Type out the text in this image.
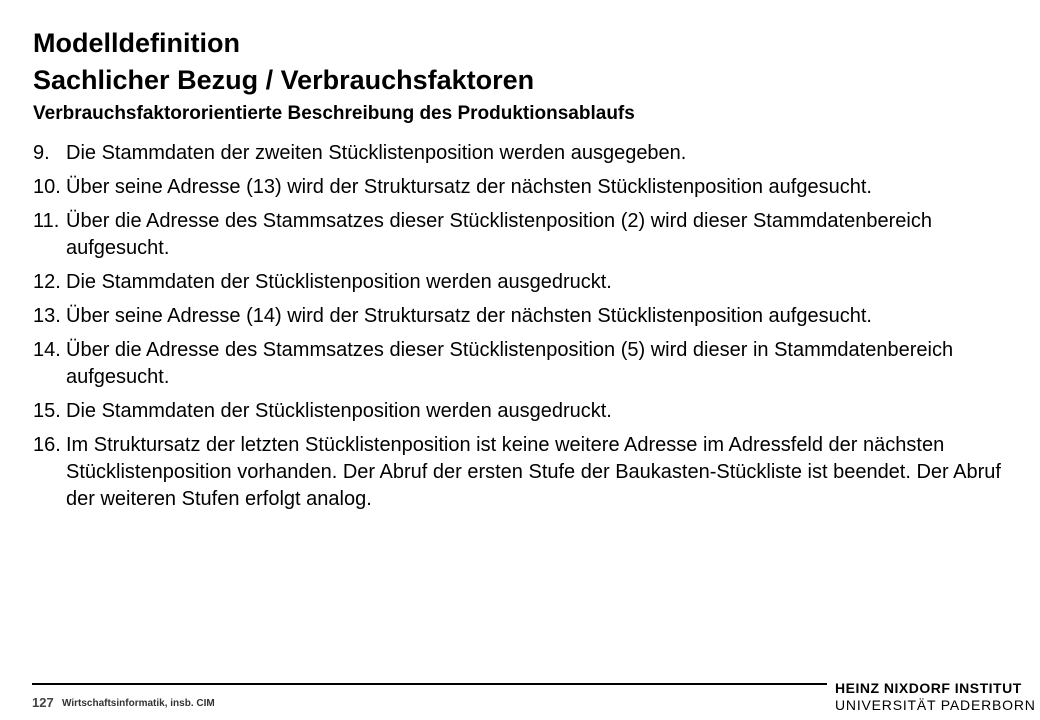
Modelldefinition
Sachlicher Bezug / Verbrauchsfaktoren
Verbrauchsfaktororientierte Beschreibung des Produktionsablaufs
9. Die Stammdaten der zweiten Stücklistenposition werden ausgegeben.
10. Über seine Adresse (13) wird der Struktursatz der nächsten Stücklistenposition aufgesucht.
11. Über die Adresse des Stammsatzes dieser Stücklistenposition (2) wird dieser Stammdatenbereich aufgesucht.
12. Die Stammdaten der Stücklistenposition werden ausgedruckt.
13. Über seine Adresse (14) wird der Struktursatz der nächsten Stücklistenposition aufgesucht.
14. Über die Adresse des Stammsatzes dieser Stücklistenposition (5) wird dieser in Stammdatenbereich aufgesucht.
15. Die Stammdaten der Stücklistenposition werden ausgedruckt.
16. Im Struktursatz der letzten Stücklistenposition ist keine weitere Adresse im Adressfeld der nächsten Stücklistenposition vorhanden. Der Abruf der ersten Stufe der Baukasten-Stückliste ist beendet. Der Abruf der weiteren Stufen erfolgt analog.
127 Wirtschaftsinformatik, insb. CIM
HEINZ NIXDORF INSTITUT
UNIVERSITÄT PADERBORN
